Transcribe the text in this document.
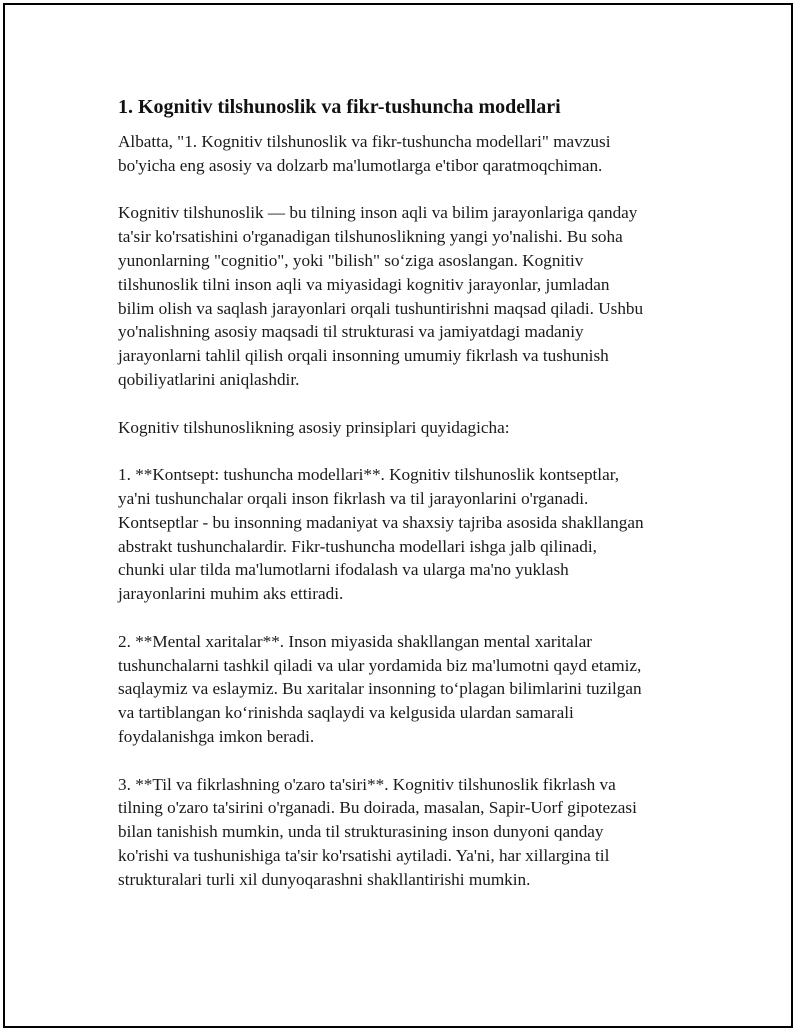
1. Kognitiv tilshunoslik va fikr-tushuncha modellari

Albatta, "1. Kognitiv tilshunoslik va fikr-tushuncha modellari" mavzusi
bo'yicha eng asosiy va dolzarb ma'lumotlarga e'tibor qaratmoqchiman.

Kognitiv tilshunoslik — bu tilning inson aqli va bilim jarayonlariga qanday
ta'sir ko'rsatishini o'rganadigan tilshunoslikning yangi yo'nalishi. Bu soha
yunonlarning "cognitio", yoki "bilish" so‘ziga asoslangan. Kognitiv
tilshunoslik tilni inson aqli va miyasidagi kognitiv jarayonlar, jumladan
bilim olish va saqlash jarayonlari orqali tushuntirishni maqsad qiladi. Ushbu
yo'nalishning asosiy maqsadi til strukturasi va jamiyatdagi madaniy
jarayonlarni tahlil qilish orqali insonning umumiy fikrlash va tushunish
qobiliyatlarini aniqlashdir.

Kognitiv tilshunoslikning asosiy prinsiplari quyidagicha:

1. **Kontsept: tushuncha modellari**. Kognitiv tilshunoslik kontseptlar,
ya'ni tushunchalar orqali inson fikrlash va til jarayonlarini o'rganadi.
Kontseptlar - bu insonning madaniyat va shaxsiy tajriba asosida shakllangan
abstrakt tushunchalardir. Fikr-tushuncha modellari ishga jalb qilinadi,
chunki ular tilda ma'lumotlarni ifodalash va ularga ma'no yuklash
jarayonlarini muhim aks ettiradi.

2. **Mental xaritalar**. Inson miyasida shakllangan mental xaritalar
tushunchalarni tashkil qiladi va ular yordamida biz ma'lumotni qayd etamiz,
saqlaymiz va eslaymiz. Bu xaritalar insonning to‘plagan bilimlarini tuzilgan
va tartiblangan ko‘rinishda saqlaydi va kelgusida ulardan samarali
foydalanishga imkon beradi.

3. **Til va fikrlashning o'zaro ta'siri**. Kognitiv tilshunoslik fikrlash va
tilning o'zaro ta'sirini o'rganadi. Bu doirada, masalan, Sapir-Uorf gipotezasi
bilan tanishish mumkin, unda til strukturasining inson dunyoni qanday
ko'rishi va tushunishiga ta'sir ko'rsatishi aytiladi. Ya'ni, har xillargina til
strukturalari turli xil dunyoqarashni shakllantirishi mumkin.
